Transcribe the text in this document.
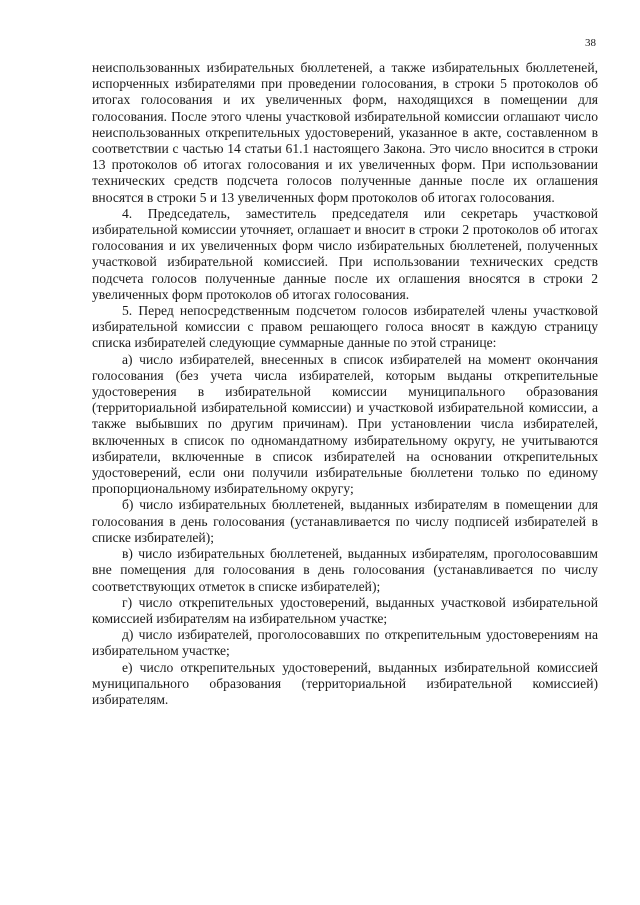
38

неиспользованных избирательных бюллетеней, а также избирательных бюллетеней, испорченных избирателями при проведении голосования, в строки 5 протоколов об итогах голосования и их увеличенных форм, находящихся в помещении для голосования. После этого члены участковой избирательной комиссии оглашают число неиспользованных открепительных удостоверений, указанное в акте, составленном в соответствии с частью 14 статьи 61.1 настоящего Закона. Это число вносится в строки 13 протоколов об итогах голосования и их увеличенных форм. При использовании технических средств подсчета голосов полученные данные после их оглашения вносятся в строки 5 и 13 увеличенных форм протоколов об итогах голосования.

4. Председатель, заместитель председателя или секретарь участковой избирательной комиссии уточняет, оглашает и вносит в строки 2 протоколов об итогах голосования и их увеличенных форм число избирательных бюллетеней, полученных участковой избирательной комиссией. При использовании технических средств подсчета голосов полученные данные после их оглашения вносятся в строки 2 увеличенных форм протоколов об итогах голосования.

5. Перед непосредственным подсчетом голосов избирателей члены участковой избирательной комиссии с правом решающего голоса вносят в каждую страницу списка избирателей следующие суммарные данные по этой странице:

а) число избирателей, внесенных в список избирателей на момент окончания голосования (без учета числа избирателей, которым выданы открепительные удостоверения в избирательной комиссии муниципального образования (территориальной избирательной комиссии) и участковой избирательной комиссии, а также выбывших по другим причинам). При установлении числа избирателей, включенных в список по одномандатному избирательному округу, не учитываются избиратели, включенные в список избирателей на основании открепительных удостоверений, если они получили избирательные бюллетени только по единому пропорциональному избирательному округу;

б) число избирательных бюллетеней, выданных избирателям в помещении для голосования в день голосования (устанавливается по числу подписей избирателей в списке избирателей);

в) число избирательных бюллетеней, выданных избирателям, проголосовавшим вне помещения для голосования в день голосования (устанавливается по числу соответствующих отметок в списке избирателей);

г) число открепительных удостоверений, выданных участковой избирательной комиссией избирателям на избирательном участке;

д) число избирателей, проголосовавших по открепительным удостоверениям на избирательном участке;

е) число открепительных удостоверений, выданных избирательной комиссией муниципального образования (территориальной избирательной комиссией) избирателям.
